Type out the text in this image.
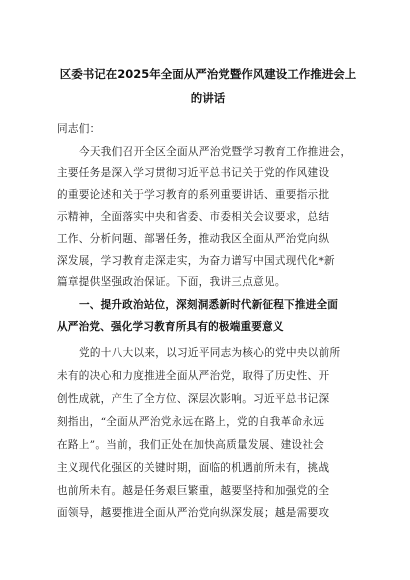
区委书记在2025年全面从严治党暨作风建设工作推进会上
的讲话
同志们：
今天我们召开全区全面从严治党暨学习教育工作推进会，
主要任务是深入学习贯彻习近平总书记关于党的作风建设
的重要论述和关于学习教育的系列重要讲话、重要指示批
示精神，全面落实中央和省委、市委相关会议要求，总结
工作、分析问题、部署任务，推动我区全面从严治党向纵
深发展，学习教育走深走实，为奋力谱写中国式现代化*新
篇章提供坚强政治保证。下面，我讲三点意见。
一、提升政治站位，深刻洞悉新时代新征程下推进全面
从严治党、强化学习教育所具有的极端重要意义
党的十八大以来，以习近平同志为核心的党中央以前所
未有的决心和力度推进全面从严治党，取得了历史性、开
创性成就，产生了全方位、深层次影响。习近平总书记深
刻指出，“全面从严治党永远在路上，党的自我革命永远
在路上”。当前，我们正处在加快高质量发展、建设社会
主义现代化强区的关键时期，面临的机遇前所未有，挑战
也前所未有。越是任务艰巨繁重，越要坚持和加强党的全
面领导，越要推进全面从严治党向纵深发展；越是需要攻
